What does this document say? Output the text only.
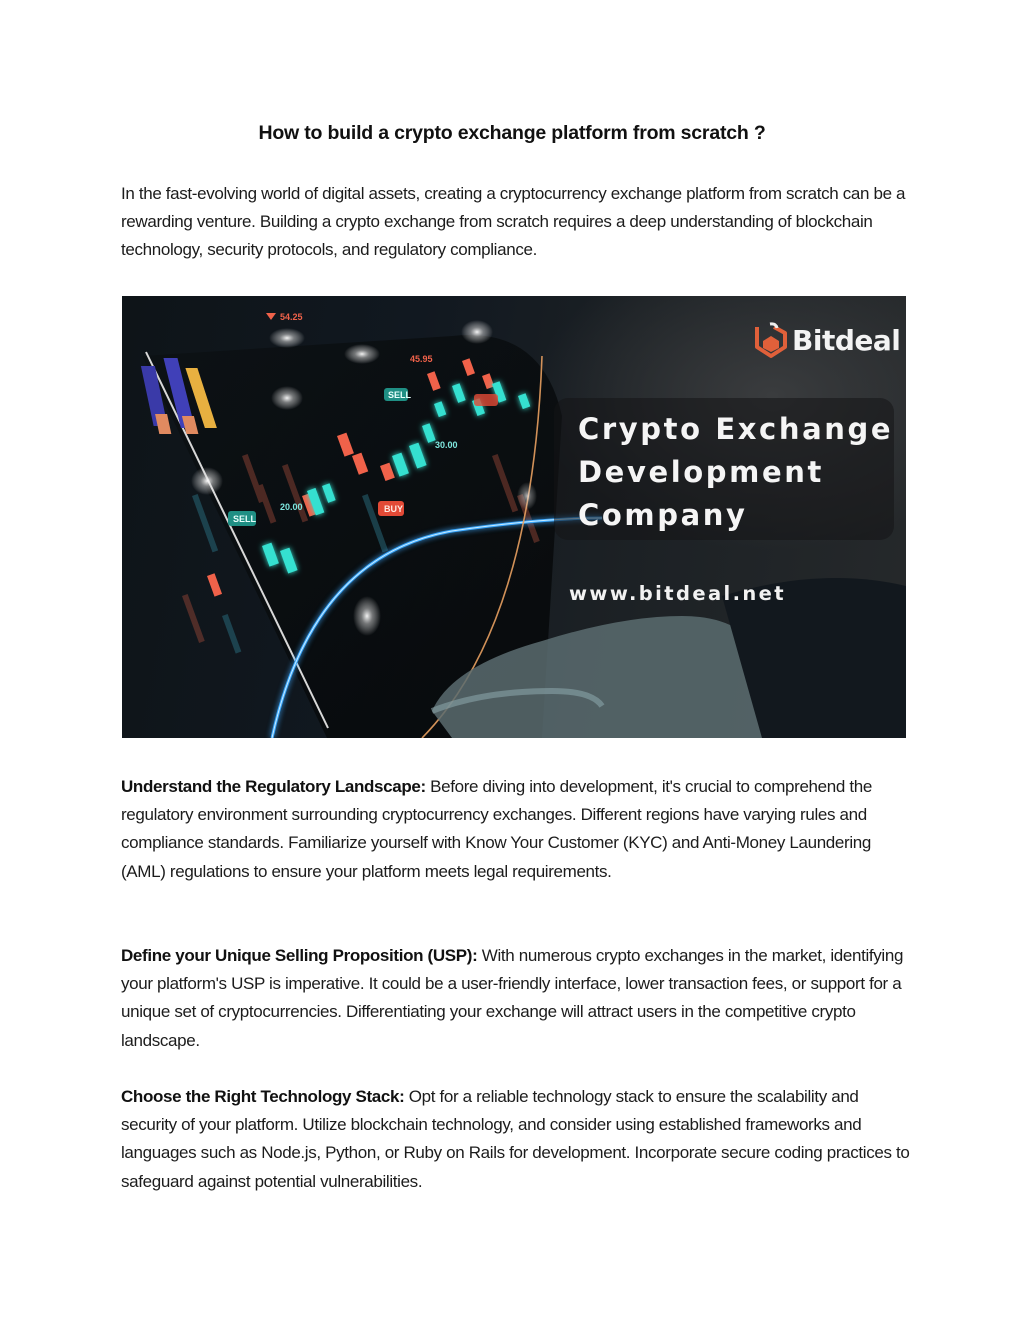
How to build a crypto exchange platform from scratch ?

In the fast-evolving world of digital assets, creating a cryptocurrency exchange platform from scratch can be a rewarding venture. Building a crypto exchange from scratch requires a deep understanding of blockchain technology, security protocols, and regulatory compliance.

54.25
45.95
30.00
20.00
SELL
SELL
BUY
Bitdeal
Crypto Exchange
Development
Company
www.bitdeal.net

Understand the Regulatory Landscape: Before diving into development, it's crucial to comprehend the regulatory environment surrounding cryptocurrency exchanges. Different regions have varying rules and compliance standards. Familiarize yourself with Know Your Customer (KYC) and Anti-Money Laundering (AML) regulations to ensure your platform meets legal requirements.

Define your Unique Selling Proposition (USP): With numerous crypto exchanges in the market, identifying your platform's USP is imperative. It could be a user-friendly interface, lower transaction fees, or support for a unique set of cryptocurrencies. Differentiating your exchange will attract users in the competitive crypto landscape.

Choose the Right Technology Stack: Opt for a reliable technology stack to ensure the scalability and security of your platform. Utilize blockchain technology, and consider using established frameworks and languages such as Node.js, Python, or Ruby on Rails for development. Incorporate secure coding practices to safeguard against potential vulnerabilities.
